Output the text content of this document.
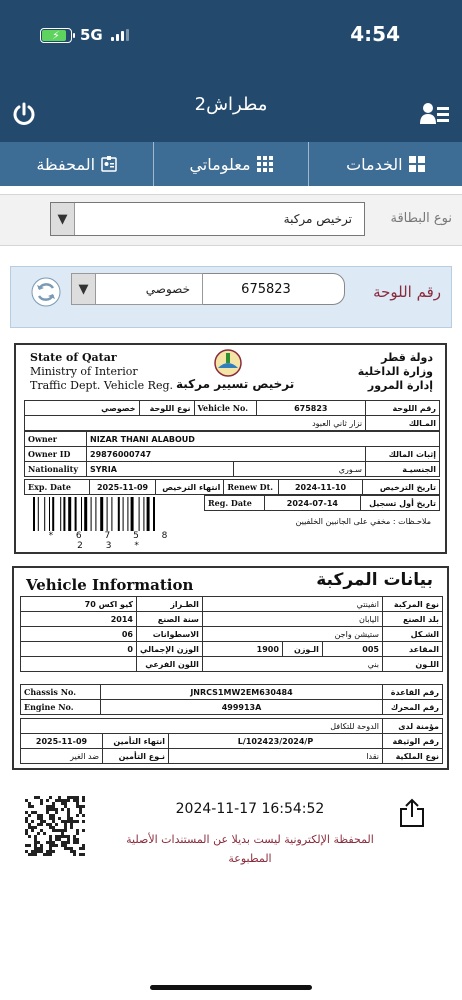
⚡ 5G	4:54
مطراش2
الخدمات
معلوماتي
المحفظة
نوع البطاقة
▼	ترخيص مركبة
رقم اللوحة
675823
▼	خصوصي
State of Qatar
Ministry of Interior
Traffic Dept. Vehicle Reg. ترخيص تسيير مركبة
دولة قطر
وزارة الداخلية
إدارة المرور
خصوصي	نوع اللوحة	Vehicle No.	675823	رقم اللوحة
نزار ثاني العبود				المـالك
Owner	NIZAR THANI ALABOUD		
Owner ID	29876000747		إثبات المالك
Nationality	SYRIA	سـوري	الجنسيـة
Exp. Date	2025-11-09	انتهاء الترخيص	Renew Dt.	2024-11-10	تاريخ الترخيص
Reg. Date	2024-07-14	تاريخ أول تسجيل
ملاحـظات : مخفي على الجانبين الخلفيين
* 6 7 5 8 2 3 *
Vehicle Information	بيانات المركبة
كيو اكس 70	الطـراز	انفينتي			نوع المركبة
2014	سنة الصنع	اليابان			بلد الصنع
06	الاسطوانات	ستيشن واجن			الشـكل
0	الوزن الإجمالي	1900	الـوزن	005	المقاعد
	اللون الفرعي	بني			اللـون
Chassis No.	JNRCS1MW2EM630484	رقم القاعدة
Engine No.	499913A	رقم المحرك
الدوحة للتكافل			مؤمنة لدى
2025-11-09	انتهاء التأمين	L/102423/2024/P	رقم الوثيقة
ضد الغير	نـوع التأمين	نقدا	نوع الملكية
2024-11-17 16:54:52
المحفظة الإلكترونية ليست بديلا عن المستندات الأصلية المطبوعة
